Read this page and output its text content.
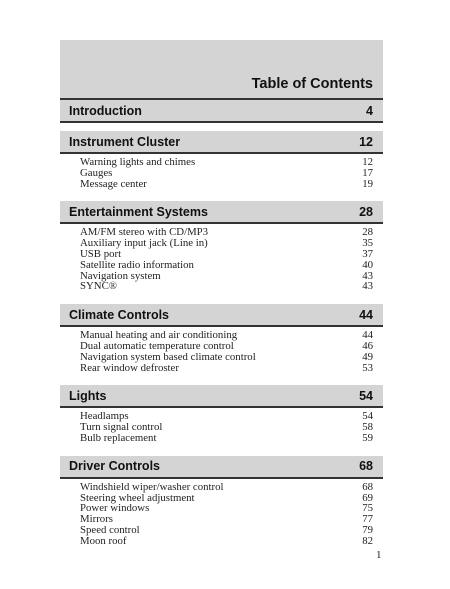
Table of Contents
Introduction	4
Instrument Cluster	12
Warning lights and chimes	12
Gauges	17
Message center	19
Entertainment Systems	28
AM/FM stereo with CD/MP3	28
Auxiliary input jack (Line in)	35
USB port	37
Satellite radio information	40
Navigation system	43
SYNC®	43
Climate Controls	44
Manual heating and air conditioning	44
Dual automatic temperature control	46
Navigation system based climate control	49
Rear window defroster	53
Lights	54
Headlamps	54
Turn signal control	58
Bulb replacement	59
Driver Controls	68
Windshield wiper/washer control	68
Steering wheel adjustment	69
Power windows	75
Mirrors	77
Speed control	79
Moon roof	82
1
